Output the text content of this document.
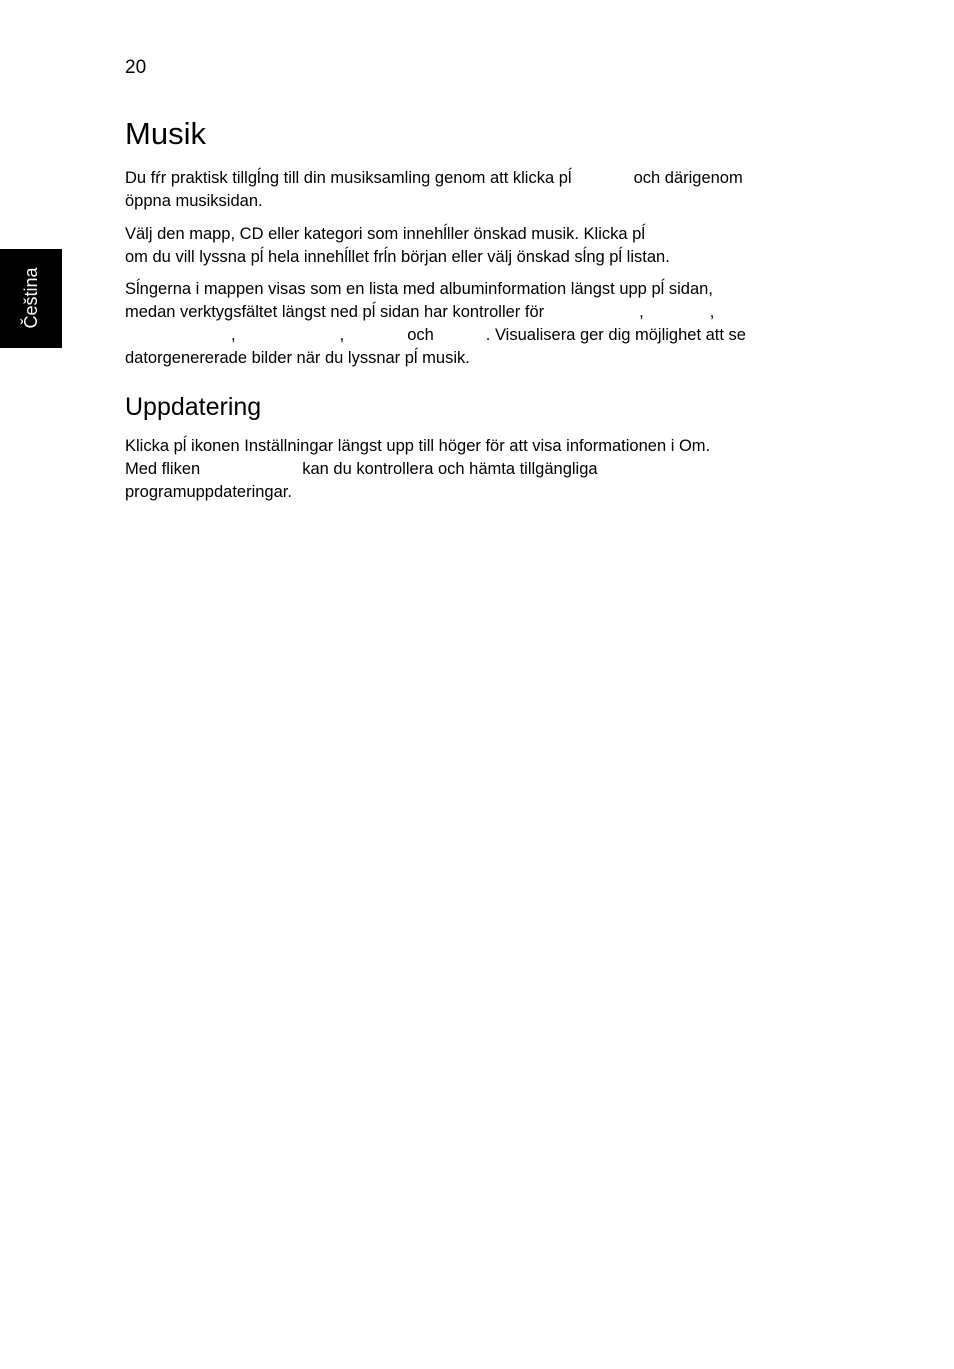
20
Čeština
Musik
Du fŕr praktisk tillgĺng till din musiksamling genom att klicka pĺ	och därigenom
öppna musiksidan.
Välj den mapp, CD eller kategori som innehĺller önskad musik. Klicka pĺ
om du vill lyssna pĺ hela innehĺllet frĺn början eller välj önskad sĺng pĺ listan.
Sĺngerna i mappen visas som en lista med albuminformation längst upp pĺ sidan,
medan verktygsfältet längst ned pĺ sidan har kontroller för	,	,
,	,	och	. Visualisera ger dig möjlighet att se
datorgenererade bilder när du lyssnar pĺ musik.
Uppdatering
Klicka pĺ ikonen Inställningar längst upp till höger för att visa informationen i Om.
Med fliken	kan du kontrollera och hämta tillgängliga
programuppdateringar.
